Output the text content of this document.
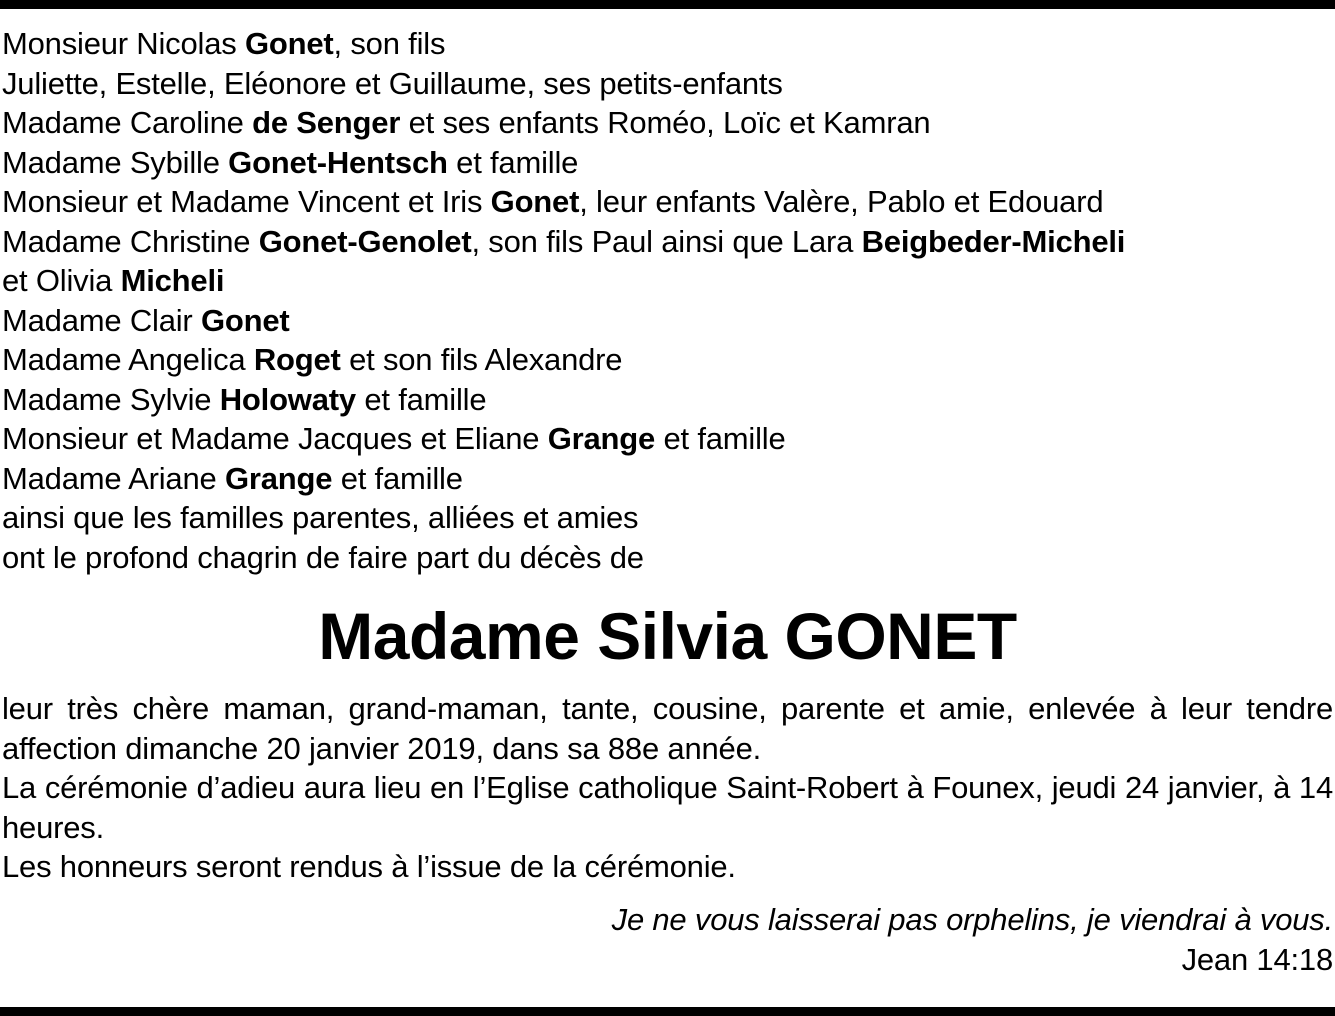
Monsieur Nicolas Gonet, son fils
Juliette, Estelle, Eléonore et Guillaume, ses petits-enfants
Madame Caroline de Senger et ses enfants Roméo, Loïc et Kamran
Madame Sybille Gonet-Hentsch et famille
Monsieur et Madame Vincent et Iris Gonet, leur enfants Valère, Pablo et Edouard
Madame Christine Gonet-Genolet, son fils Paul ainsi que Lara Beigbeder-Micheli
et Olivia Micheli
Madame Clair Gonet
Madame Angelica Roget et son fils Alexandre
Madame Sylvie Holowaty et famille
Monsieur et Madame Jacques et Eliane Grange et famille
Madame Ariane Grange et famille
ainsi que les familles parentes, alliées et amies
ont le profond chagrin de faire part du décès de
Madame Silvia GONET

leur très chère maman, grand-maman, tante, cousine, parente et amie, enlevée à leur tendre affection dimanche 20 janvier 2019, dans sa 88e année.

La cérémonie d’adieu aura lieu en l’Eglise catholique Saint-Robert à Founex, jeudi 24 janvier, à 14 heures.

Les honneurs seront rendus à l’issue de la cérémonie.

Je ne vous laisserai pas orphelins, je viendrai à vous.
Jean 14:18
